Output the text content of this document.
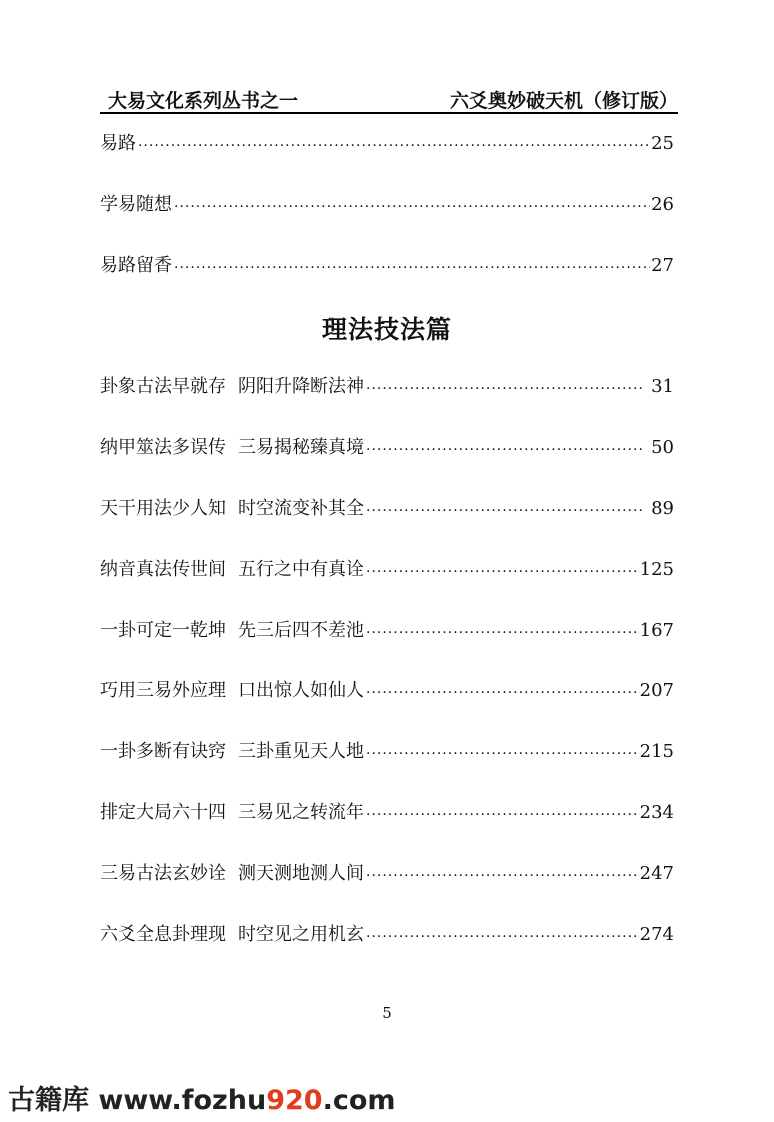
大易文化系列丛书之一	六爻奥妙破天机（修订版）
易路 ·····	25
学易随想 ·····	26
易路留香 ·····	27
理法技法篇
卦象古法早就存 阴阳升降断法神 ·····	31
纳甲筮法多误传 三易揭秘臻真境 ·····	50
天干用法少人知 时空流变补其全 ·····	89
纳音真法传世间 五行之中有真诠 ·····	125
一卦可定一乾坤 先三后四不差池 ·····	167
巧用三易外应理 口出惊人如仙人 ·····	207
一卦多断有诀窍 三卦重见天人地 ·····	215
排定大局六十四 三易见之转流年 ·····	234
三易古法玄妙诠 测天测地测人间 ·····	247
六爻全息卦理现 时空见之用机玄 ·····	274
5
古籍库 www.fozhu920.com
